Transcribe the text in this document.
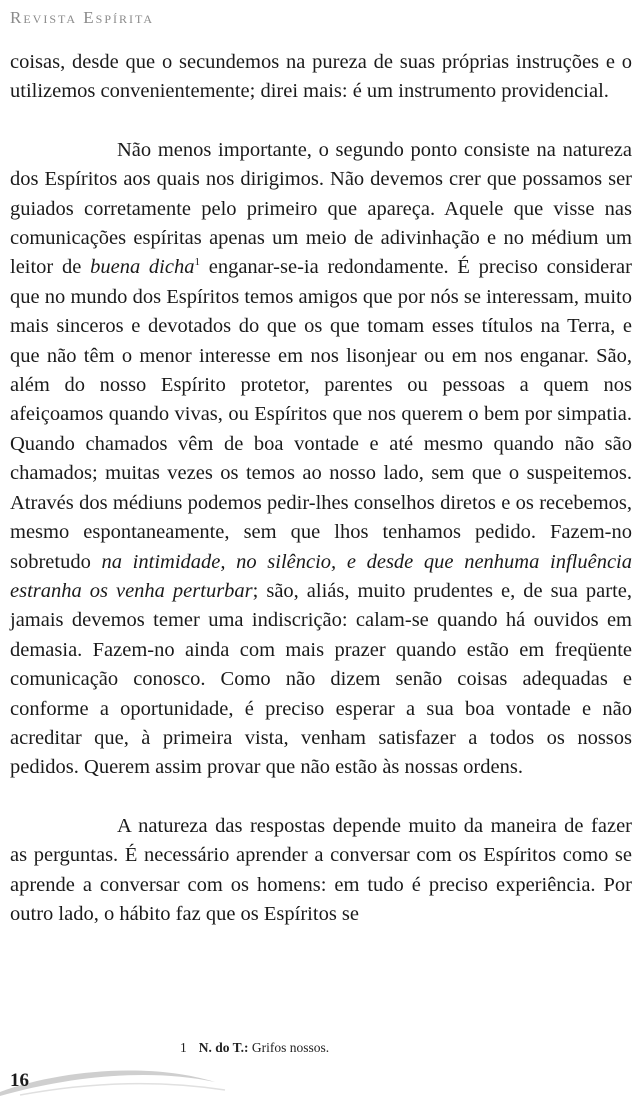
Revista Espírita

coisas, desde que o secundemos na pureza de suas próprias instruções e o utilizemos convenientemente; direi mais: é um instrumento providencial.

Não menos importante, o segundo ponto consiste na natureza dos Espíritos aos quais nos dirigimos. Não devemos crer que possamos ser guiados corretamente pelo primeiro que apareça. Aquele que visse nas comunicações espíritas apenas um meio de adivinhação e no médium um leitor de buena dicha$^1$ enganar-se-ia redondamente. É preciso considerar que no mundo dos Espíritos temos amigos que por nós se interessam, muito mais sinceros e devotados do que os que tomam esses títulos na Terra, e que não têm o menor interesse em nos lisonjear ou em nos enganar. São, além do nosso Espírito protetor, parentes ou pessoas a quem nos afeiçoamos quando vivas, ou Espíritos que nos querem o bem por simpatia. Quando chamados vêm de boa vontade e até mesmo quando não são chamados; muitas vezes os temos ao nosso lado, sem que o suspeitemos. Através dos médiuns podemos pedir-lhes conselhos diretos e os recebemos, mesmo espontaneamente, sem que lhos tenhamos pedido. Fazem-no sobretudo na intimidade, no silêncio, e desde que nenhuma influência estranha os venha perturbar; são, aliás, muito prudentes e, de sua parte, jamais devemos temer uma indiscrição: calam-se quando há ouvidos em demasia. Fazem-no ainda com mais prazer quando estão em freqüente comunicação conosco. Como não dizem senão coisas adequadas e conforme a oportunidade, é preciso esperar a sua boa vontade e não acreditar que, à primeira vista, venham satisfazer a todos os nossos pedidos. Querem assim provar que não estão às nossas ordens.

A natureza das respostas depende muito da maneira de fazer as perguntas. É necessário aprender a conversar com os Espíritos como se aprende a conversar com os homens: em tudo é preciso experiência. Por outro lado, o hábito faz que os Espíritos se

1 N. do T.: Grifos nossos.
16
